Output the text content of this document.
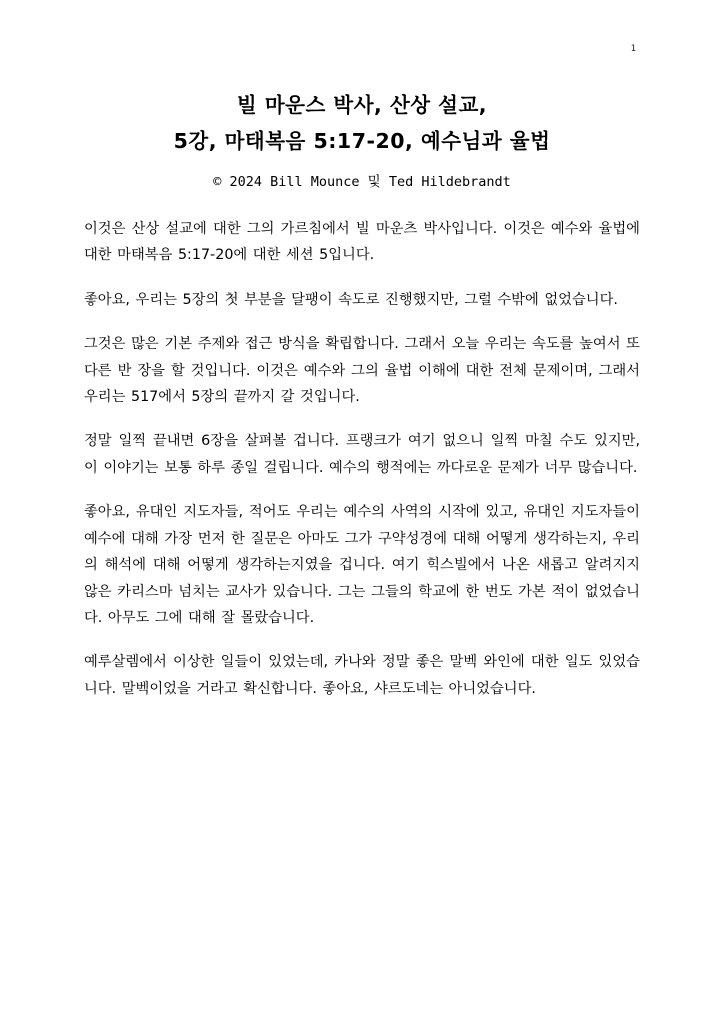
1
빌 마운스 박사, 산상 설교,
5강, 마태복음 5:17-20, 예수님과 율법
© 2024 Bill Mounce 및 Ted Hildebrandt

이것은 산상 설교에 대한 그의 가르침에서 빌 마운츠 박사입니다. 이것은 예수와 율법에 대한 마태복음 5:17-20에 대한 세션 5입니다.

좋아요, 우리는 5장의 첫 부분을 달팽이 속도로 진행했지만, 그럴 수밖에 없었습니다.

그것은 많은 기본 주제와 접근 방식을 확립합니다. 그래서 오늘 우리는 속도를 높여서 또 다른 반 장을 할 것입니다. 이것은 예수와 그의 율법 이해에 대한 전체 문제이며, 그래서 우리는 517에서 5장의 끝까지 갈 것입니다.

정말 일찍 끝내면 6장을 살펴볼 겁니다. 프랭크가 여기 없으니 일찍 마칠 수도 있지만, 이 이야기는 보통 하루 종일 걸립니다. 예수의 행적에는 까다로운 문제가 너무 많습니다.

좋아요, 유대인 지도자들, 적어도 우리는 예수의 사역의 시작에 있고, 유대인 지도자들이 예수에 대해 가장 먼저 한 질문은 아마도 그가 구약성경에 대해 어떻게 생각하는지, 우리의 해석에 대해 어떻게 생각하는지였을 겁니다. 여기 힉스빌에서 나온 새롭고 알려지지 않은 카리스마 넘치는 교사가 있습니다. 그는 그들의 학교에 한 번도 가본 적이 없었습니다. 아무도 그에 대해 잘 몰랐습니다.

예루살렘에서 이상한 일들이 있었는데, 카나와 정말 좋은 말벡 와인에 대한 일도 있었습니다. 말벡이었을 거라고 확신합니다. 좋아요, 샤르도네는 아니었습니다.
